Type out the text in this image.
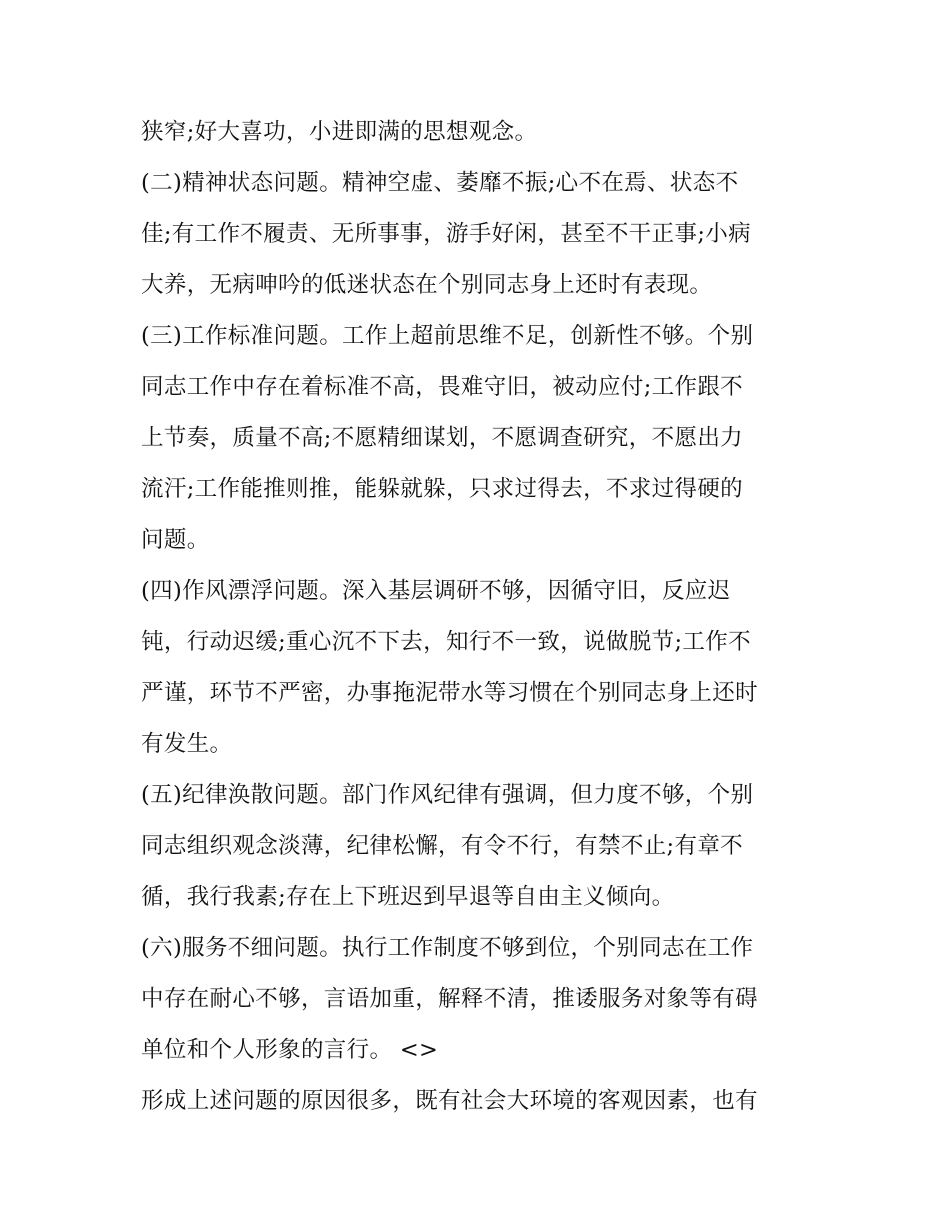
狭窄;好大喜功，小进即满的思想观念。
(二)精神状态问题。精神空虚、萎靡不振;心不在焉、状态不
佳;有工作不履责、无所事事，游手好闲，甚至不干正事;小病
大养，无病呻吟的低迷状态在个别同志身上还时有表现。
(三)工作标准问题。工作上超前思维不足，创新性不够。个别
同志工作中存在着标准不高，畏难守旧，被动应付;工作跟不
上节奏，质量不高;不愿精细谋划，不愿调查研究，不愿出力
流汗;工作能推则推，能躲就躲，只求过得去，不求过得硬的
问题。
(四)作风漂浮问题。深入基层调研不够，因循守旧，反应迟
钝，行动迟缓;重心沉不下去，知行不一致，说做脱节;工作不
严谨，环节不严密，办事拖泥带水等习惯在个别同志身上还时
有发生。
(五)纪律涣散问题。部门作风纪律有强调，但力度不够，个别
同志组织观念淡薄，纪律松懈，有令不行，有禁不止;有章不
循，我行我素;存在上下班迟到早退等自由主义倾向。
(六)服务不细问题。执行工作制度不够到位，个别同志在工作
中存在耐心不够，言语加重，解释不清，推诿服务对象等有碍
单位和个人形象的言行。 <>
形成上述问题的原因很多，既有社会大环境的客观因素，也有
